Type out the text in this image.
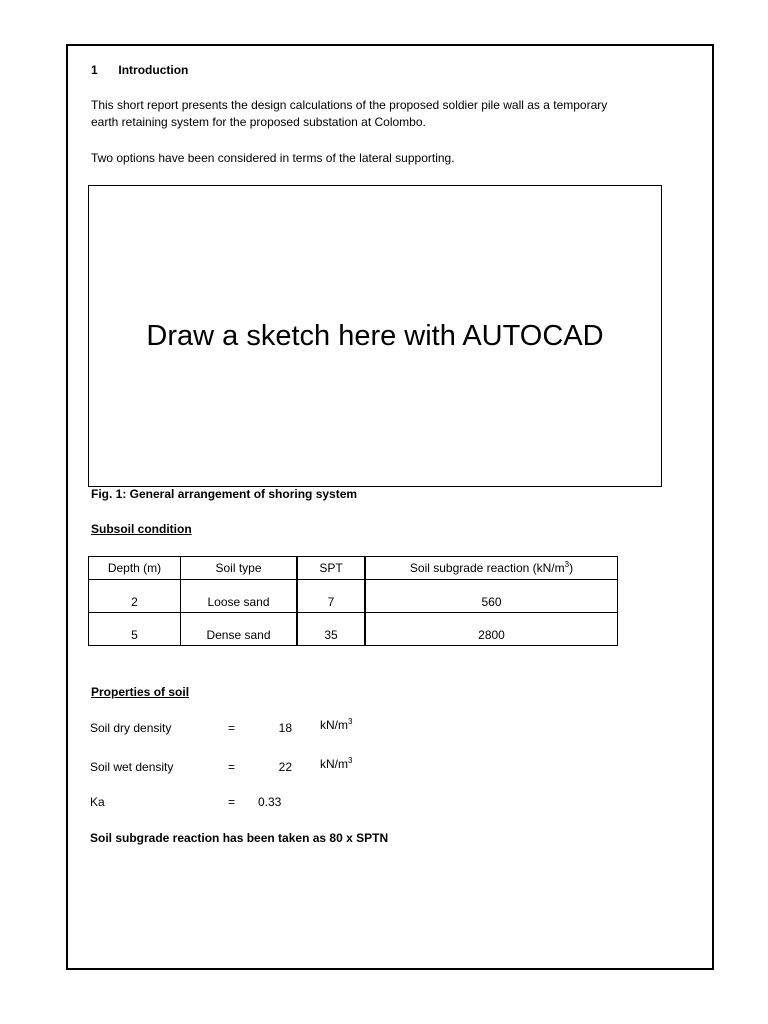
1 Introduction
This short report presents the design calculations of the proposed soldier pile wall as a temporary
earth retaining system for the proposed substation at Colombo.
Two options have been considered in terms of the lateral supporting.
Draw a sketch here with AUTOCAD
Fig. 1: General arrangement of shoring system
Subsoil condition
Depth (m)	Soil type	SPT	Soil subgrade reaction $(kN/m^3)$
2	Loose sand	7	560
5	Dense sand	35	2800
Properties of soil
Soil dry density	=	18 $kN/m^3$
Soil wet density	=	22 $kN/m^3$
Ka	= 0.33
Soil subgrade reaction has been taken as 80 x SPTN
